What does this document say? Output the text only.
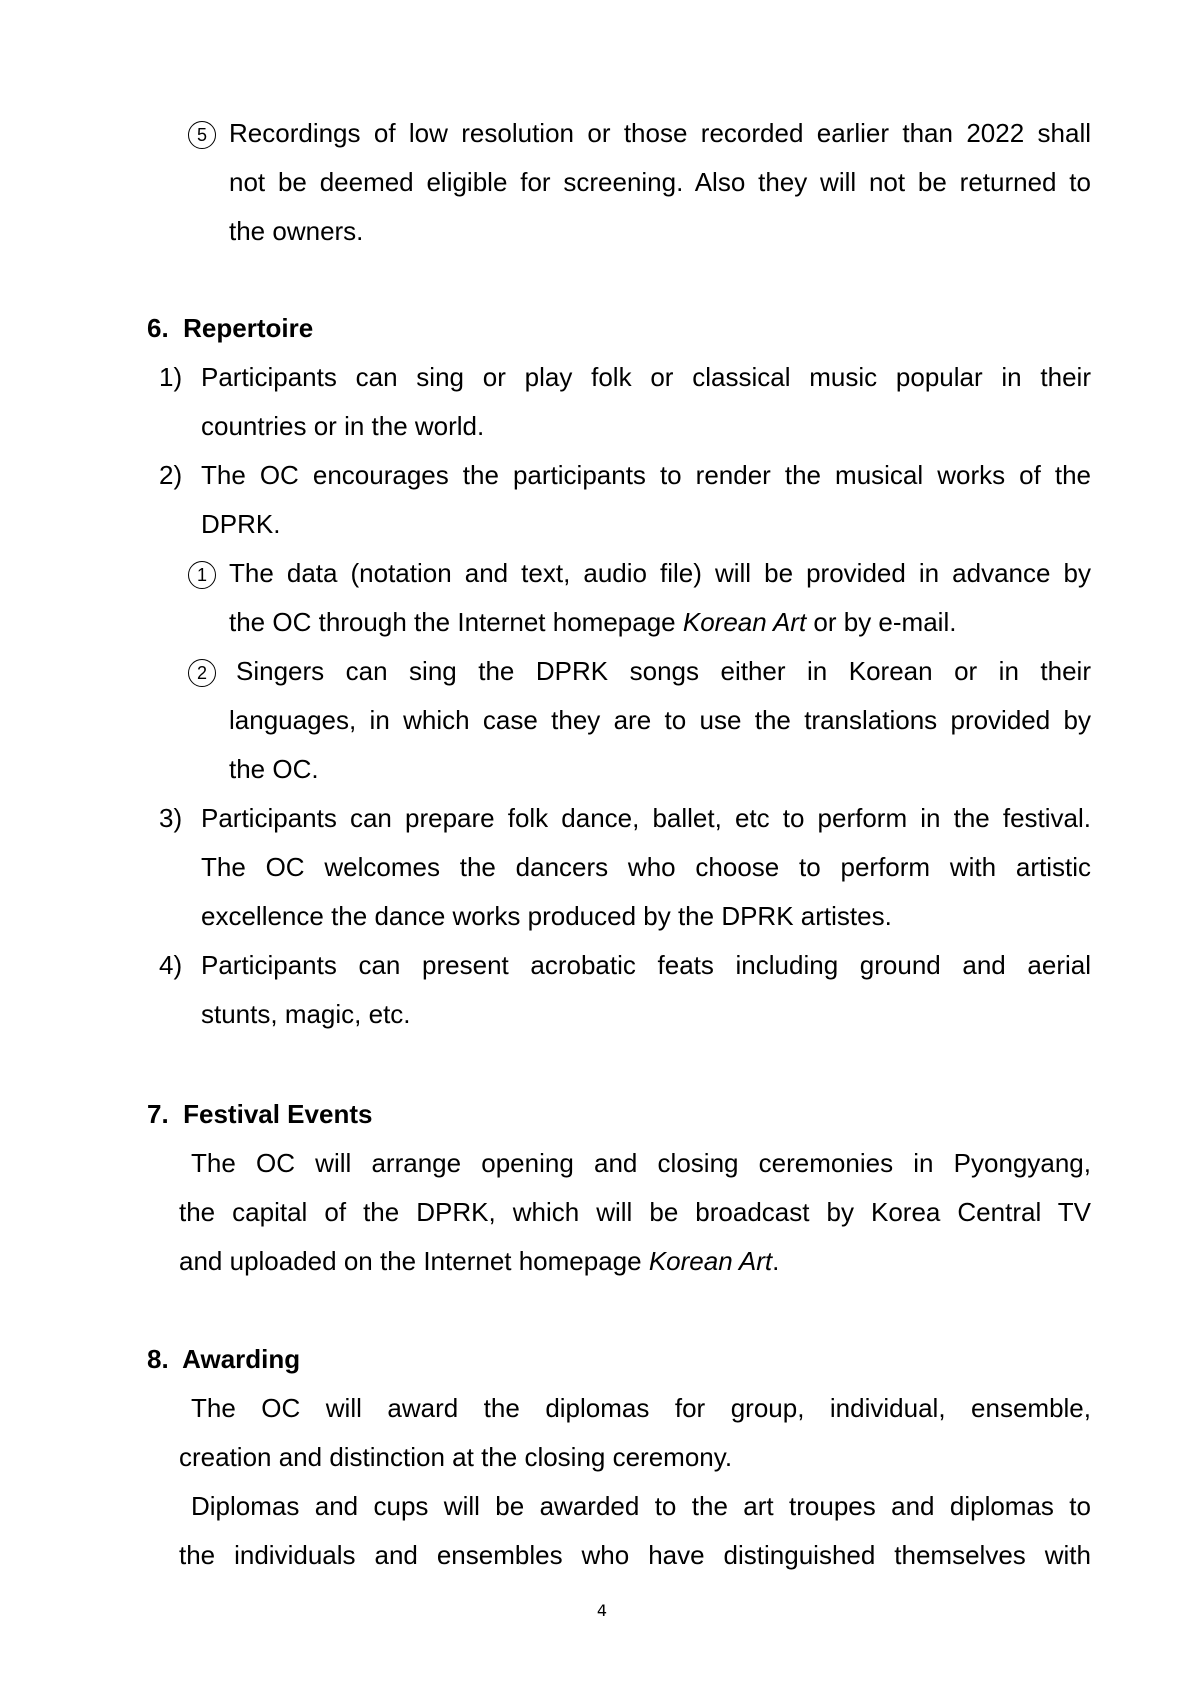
5 Recordings of low resolution or those recorded earlier than 2022 shall
not be deemed eligible for screening. Also they will not be returned to
the owners.
6.  Repertoire
1) Participants can sing or play folk or classical music popular in their
countries or in the world.
2) The OC encourages the participants to render the musical works of the
DPRK.
1 The data (notation and text, audio file) will be provided in advance by
the OC through the Internet homepage Korean Art or by e-mail.
2	Singers can sing the DPRK songs either in Korean or in their
languages, in which case they are to use the translations provided by
the OC.
3) Participants can prepare folk dance, ballet, etc to perform in the festival.
The OC welcomes the dancers who choose to perform with artistic
excellence the dance works produced by the DPRK artistes.
4) Participants can present acrobatic feats including ground and aerial
stunts, magic, etc.
7.  Festival Events
The OC will arrange opening and closing ceremonies in Pyongyang,
the capital of the DPRK, which will be broadcast by Korea Central TV
and uploaded on the Internet homepage Korean Art.
8.  Awarding
The OC will award the diplomas for group, individual, ensemble,
creation and distinction at the closing ceremony.
Diplomas and cups will be awarded to the art troupes and diplomas to
the individuals and ensembles who have distinguished themselves with
4
